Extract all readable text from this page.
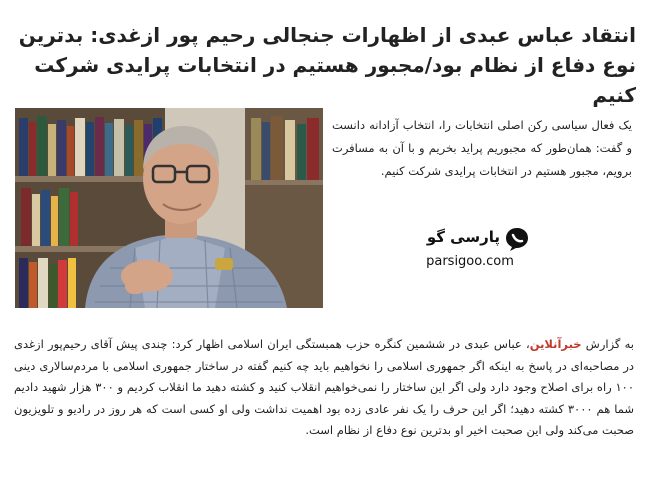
انتقاد عباس عبدی از اظهارات جنجالی رحیم پور ازغدی: بدترین نوع دفاع از نظام بود/مجبور هستیم در انتخابات پرایدی شرکت کنیم

یک فعال سیاسی رکن اصلی انتخابات را، انتخاب آزادانه دانست و گفت: همان‌طور که مجبوریم پراید بخریم و با آن به مسافرت برویم، مجبور هستیم در انتخابات پرایدی شرکت کنیم.

پارسی گو
parsigoo.com

به گزارش خبرآنلاین، عباس عبدی در ششمین کنگره حزب همبستگی ایران اسلامی اظهار کرد: چندی پیش آقای رحیم‌پور ازغدی در مصاحبه‌ای در پاسخ به اینکه اگر جمهوری اسلامی را نخواهیم باید چه کنیم گفته در ساختار جمهوری اسلامی با مردم‌سالاری دینی ۱۰۰ راه برای اصلاح وجود دارد ولی اگر این ساختار را نمی‌خواهیم انقلاب کنید و کشته دهید ما انقلاب کردیم و ۳۰۰ هزار شهید دادیم شما هم ۳۰۰۰ کشته دهید؛ اگر این حرف را یک نفر عادی زده بود اهمیت نداشت ولی او کسی است که هر روز در رادیو و تلویزیون صحبت می‌کند ولی این صحبت اخیر او بدترین نوع دفاع از نظام است.
